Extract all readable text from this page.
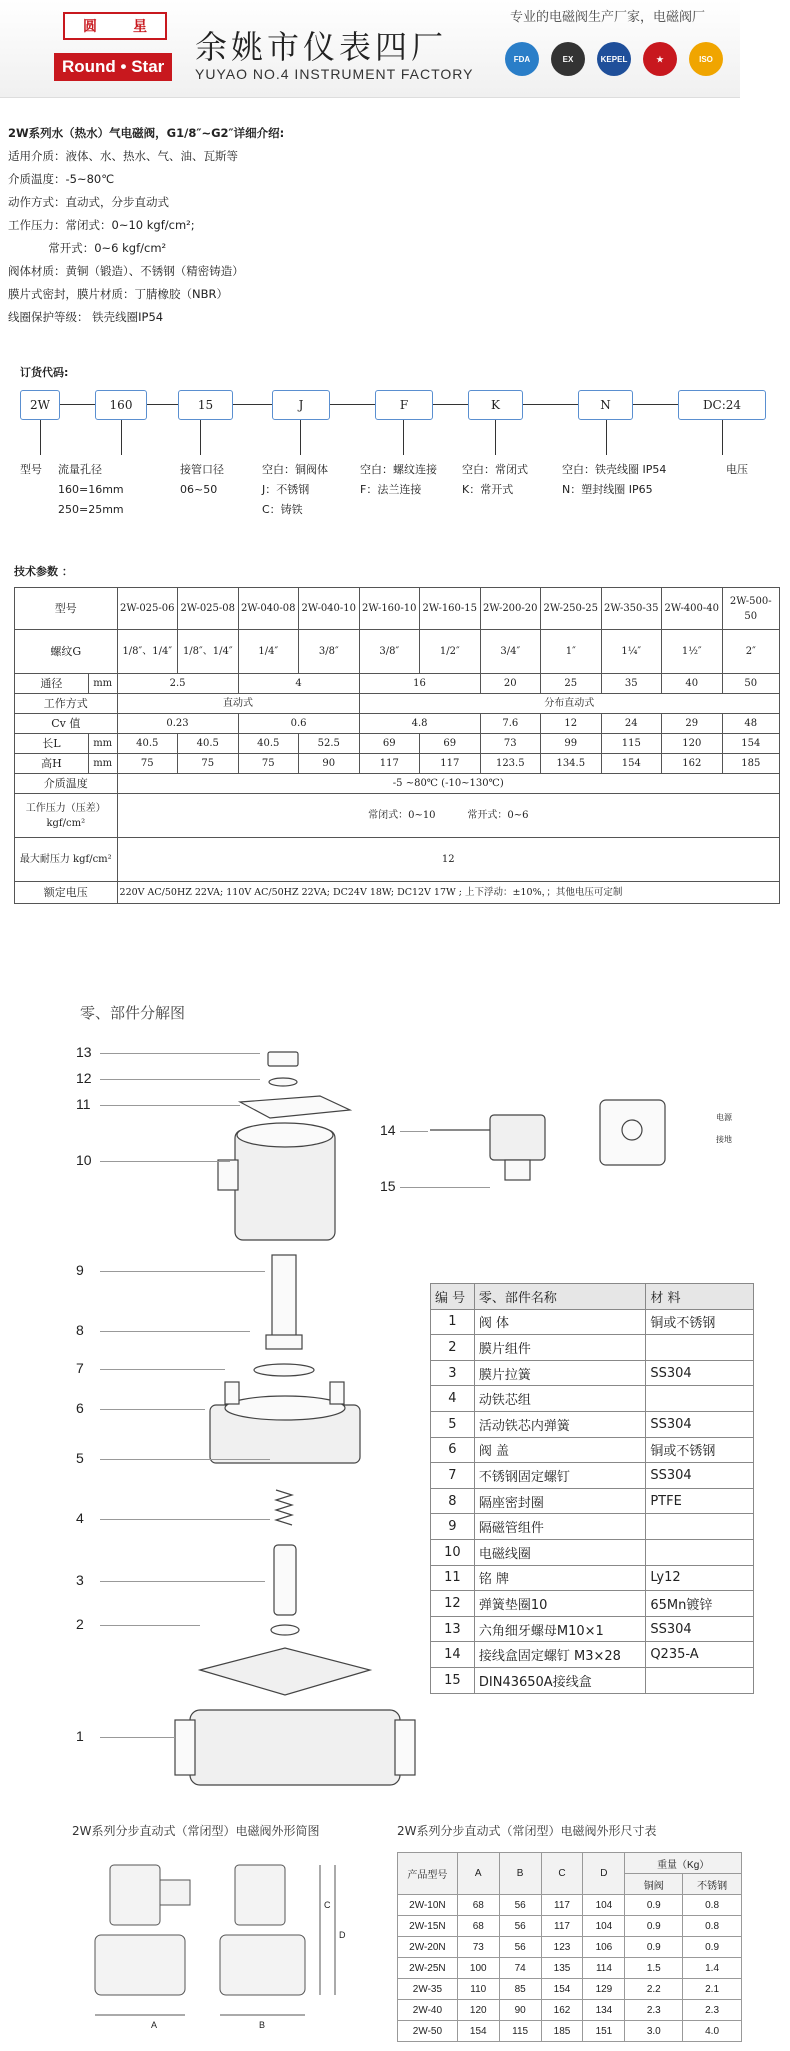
圆	星
Round • Star
余姚市仪表四厂
YUYAO NO.4 INSTRUMENT FACTORY
专业的电磁阀生产厂家，电磁阀厂
FDA	EX	KEPEL	★	ISO
2W系列水（热水）气电磁阀，G1/8″~G2″详细介绍:
适用介质：液体、水、热水、气、油、瓦斯等
介质温度：-5~80℃
动作方式：直动式，分步直动式
工作压力：常闭式：0~10 kgf/cm²;
常开式：0~6 kgf/cm²
阀体材质：黄铜（锻造）、不锈钢（精密铸造）
膜片式密封，膜片材质：丁腈橡胶（NBR）
线圈保护等级： 铁壳线圈IP54
订货代码:
2W	160	15	J	F	K	N	DC:24
型号 流量孔径
160=16mm
250=25mm
接管口径
06~50
空白：铜阀体
J：不锈钢
C：铸铁
空白：螺纹连接
F：法兰连接
空白：常闭式
K：常开式
空白：铁壳线圈 IP54
N：塑封线圈 IP65
电压
技术参数 ：
型号		2W-025-06	2W-025-08	2W-040-08	2W-040-10	2W-160-10	2W-160-15	2W-200-20	2W-250-25	2W-350-35	2W-400-40	2W-500-50
螺纹G		1/8″、1/4″	1/8″、1/4″	1/4″	3/8″	3/8″	1/2″	3/4″	1″	1¼″	1½″	2″
通径	mm	2.5		4		16		20	25	35	40	50
工作方式		直动式				分布直动式						
Cv 值		0.23		0.6		4.8		7.6	12	24	29	48
长L	mm	40.5	40.5	40.5	52.5	69	69	73	99	115	120	154
高H	mm	75	75	75	90	117	117	123.5	134.5	154	162	185
介质温度		-5 ~80℃ (-10~130℃)										
工作压力（压差）kgf/cm²		常闭式：0~10          常开式：0~6										
最大耐压力 kgf/cm²		12										
额定电压		220V AC/50HZ 22VA; 110V AC/50HZ 22VA; DC24V 18W; DC12V 17W ; 上下浮动：±10%，；其他电压可定制										
零、部件分解图
电源
接地
13
12
11
10
9
8
7
6
5
4
3
2
1
14
15
编 号	零、部件名称	材 料
1	阀 体	铜或不锈钢
2	膜片组件	
3	膜片拉簧	SS304
4	动铁芯组	
5	活动铁芯内弹簧	SS304
6	阀 盖	铜或不锈钢
7	不锈钢固定螺钉	SS304
8	隔座密封圈	PTFE
9	隔磁管组件	
10	电磁线圈	
11	铭 牌	Ly12
12	弹簧垫圈10	65Mn镀锌
13	六角细牙螺母M10×1	SS304
14	接线盒固定螺钉 M3×28	Q235-A
15	DIN43650A接线盒	
2W系列分步直动式（常闭型）电磁阀外形简图
A	B
C
D
2W系列分步直动式（常闭型）电磁阀外形尺寸表
产品型号	A	B	C	D	重量（Kg）	
					铜阀	不锈钢
2W-10N	68	56	117	104	0.9	0.8
2W-15N	68	56	117	104	0.9	0.8
2W-20N	73	56	123	106	0.9	0.9
2W-25N	100	74	135	114	1.5	1.4
2W-35	110	85	154	129	2.2	2.1
2W-40	120	90	162	134	2.3	2.3
2W-50	154	115	185	151	3.0	4.0
